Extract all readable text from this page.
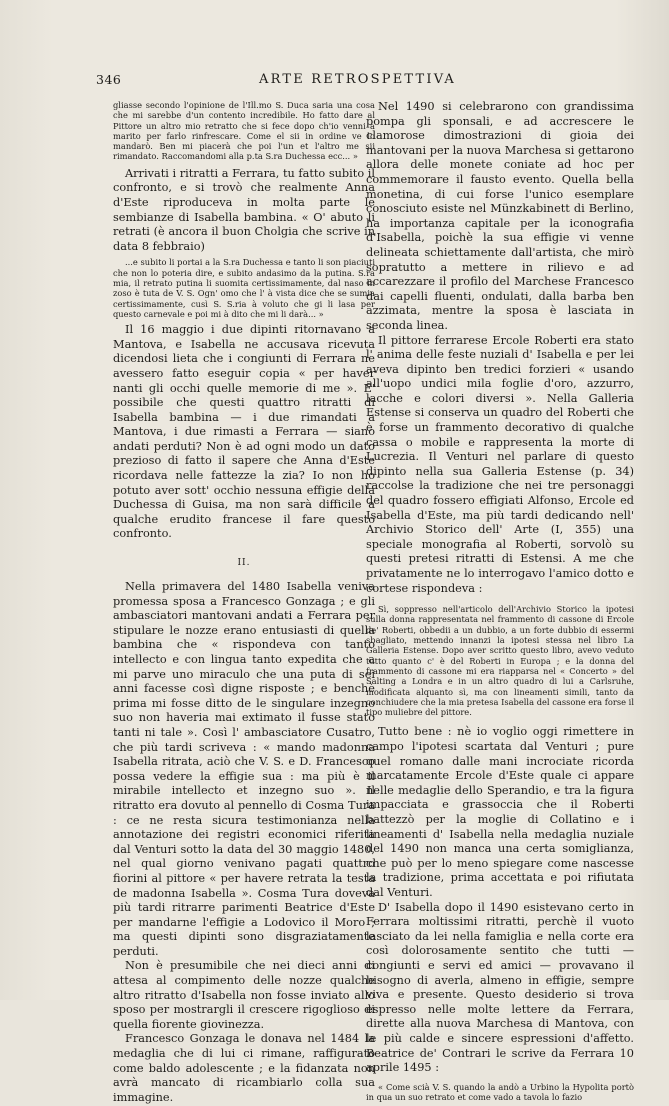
346	ARTE RETROSPETTIVA

gliasse secondo l'opinione de l'Ill.mo S. Duca saria una cosa che mi sarebbe d'un contento incredibile. Ho fatto dare al Pittore un altro mio retratto che si fece dopo ch'io venni a marito per farlo rinfrescare. Come el sii in ordine ve lo mandarò. Ben mi piacerà che poi l'un et l'altro me sii rimandato. Raccomandomi alla p.ta S.ra Duchessa ecc... »

Arrivati i ritratti a Ferrara, tu fatto subito il confronto, e si trovò che realmente Anna d'Este riproduceva in molta parte le sembianze di Isabella bambina. « O' abuto li retrati (è ancora il buon Cholgia che scrive in data 8 febbraio)

...e subito li portai a la S.ra Duchessa e tanto li son piaciuti che non lo poteria dire, e subito andasimo da la putina. S.ra mia, il retrato putina li suomita certissimamente, dal naso in zoso è tuta de V. S. Ogn' omo che l' à vista dice che se sumia certissimamente, cusì S. S.ria à voluto che gi li lasa per questo carnevale e poi mi à dito che mi li darà... »

Il 16 maggio i due dipinti ritornavano a Mantova, e Isabella ne accusava ricevuta dicendosi lieta che i congiunti di Ferrara ne avessero fatto eseguir copia « per haver nanti gli occhi quelle memorie di me ». E' possibile che questi quattro ritratti di Isabella bambina — i due rimandati a Mantova, i due rimasti a Ferrara — siano andati perduti? Non è ad ogni modo un dato prezioso di fatto il sapere che Anna d'Este ricordava nelle fattezze la zia? Io non ho potuto aver sott' occhio nessuna effigie della Duchessa di Guisa, ma non sarà difficile a qualche erudito francese il fare questo confronto.

II.

Nella primavera del 1480 Isabella veniva promessa sposa a Francesco Gonzaga ; e gli ambasciatori mantovani andati a Ferrara per stipulare le nozze erano entusiasti di quella bambina che « rispondeva con tanto intellecto e con lingua tanto expedita che a mi parve uno miraculo che una puta di sei anni facesse così digne risposte ; e benchè prima mi fosse ditto de le singulare inzegno suo non haveria mai extimato il fusse stato tanti ni tale ». Così l' ambasciatore Cusatro, che più tardi scriveva : « mando madonna Isabella ritrata, aciò che V. S. e D. Francesco possa vedere la effigie sua : ma più è il mirabile intellecto et inzegno suo ». Il ritratto era dovuto al pennello di Cosma Tura : ce ne resta sicura testimonianza nella annotazione dei registri economici riferita dal Venturi sotto la data del 30 maggio 1480, nel qual giorno venivano pagati quattro fiorini al pittore « per havere retrata la testa de madonna Isabella ». Cosma Tura doveva più tardi ritrarre parimenti Beatrice d'Este per mandarne l'effigie a Lodovico il Moro ; ma questi dipinti sono disgraziatamente perduti.

Non è presumibile che nei dieci anni di attesa al compimento delle nozze qualche altro ritratto d'Isabella non fosse inviato allo sposo per mostrargli il crescere rigoglioso di quella fiorente giovinezza.

Francesco Gonzaga le donava nel 1484 la medaglia che di lui ci rimane, raffigurato come baldo adolescente ; e la fidanzata non avrà mancato di ricambiarlo colla sua immagine.

Nel 1490 si celebrarono con grandissima pompa gli sponsali, e ad accrescere le clamorose dimostrazioni di gioia dei mantovani per la nuova Marchesa si gettarono allora delle monete coniate ad hoc per commemorare il fausto evento. Quella bella monetina, di cui forse l'unico esemplare conosciuto esiste nel Münzkabinett di Berlino, ha importanza capitale per la iconografia d'Isabella, poichè la sua effigie vi venne delineata schiettamente dall'artista, che mirò sopratutto a mettere in rilievo e ad accarezzare il profilo del Marchese Francesco dai capelli fluenti, ondulati, dalla barba ben azzimata, mentre la sposa è lasciata in seconda linea.

Il pittore ferrarese Ercole Roberti era stato l' anima delle feste nuziali d' Isabella e per lei aveva dipinto ben tredici forzieri « usando all'uopo undici mila foglie d'oro, azzurro, lacche e colori diversi ». Nella Galleria Estense si conserva un quadro del Roberti che è forse un frammento decorativo di qualche cassa o mobile e rappresenta la morte di Lucrezia. Il Venturi nel parlare di questo dipinto nella sua Galleria Estense (p. 34) raccolse la tradizione che nei tre personaggi del quadro fossero effigiati Alfonso, Ercole ed Isabella d'Este, ma più tardi dedicando nell' Archivio Storico dell' Arte (I, 355) una speciale monografia al Roberti, sorvolò su questi pretesi ritratti di Estensi. A me che privatamente ne lo interrogavo l'amico dotto e cortese rispondeva :

Sì, soppresso nell'articolo dell'Archivio Storico la ipotesi sulla donna rappresentata nel frammento di cassone di Ercole de' Roberti, obbedii a un dubbio, a un forte dubbio di essermi sbagliato, mettendo innanzi la ipotesi stessa nel libro La Galleria Estense. Dopo aver scritto questo libro, avevo veduto tutto quanto c' è del Roberti in Europa ; e la donna del frammento di cassone mi era riapparsa nel « Concerto » del Salting a Londra e in un altro quadro di lui a Carlsruhe, modificata alquanto sì, ma con lineamenti simili, tanto da conchiudere che la mia pretesa Isabella del cassone era forse il tipo muliebre del pittore.

Tutto bene : nè io voglio oggi rimettere in campo l'ipotesi scartata dal Venturi ; pure quel romano dalle mani incrociate ricorda marcatamente Ercole d'Este quale ci appare nelle medaglie dello Sperandio, e tra la figura impacciata e grassoccia che il Roberti battezzò per la moglie di Collatino e i lineamenti d' Isabella nella medaglia nuziale del 1490 non manca una certa somiglianza, che può per lo meno spiegare come nascesse la tradizione, prima accettata e poi rifiutata dal Venturi.

D' Isabella dopo il 1490 esistevano certo in Ferrara moltissimi ritratti, perchè il vuoto lasciato da lei nella famiglia e nella corte era così dolorosamente sentito che tutti — congiunti e servi ed amici — provavano il bisogno di averla, almeno in effigie, sempre viva e presente. Questo desiderio si trova espresso nelle molte lettere da Ferrara, dirette alla nuova Marchesa di Mantova, con le più calde e sincere espressioni d'affetto. Beatrice de' Contrari le scrive da Ferrara 10 aprile 1495 :

« Come scià V. S. quando la andò a Urbino la Hypolita portò in qua un suo retrato et come vado a tavola lo fazio
